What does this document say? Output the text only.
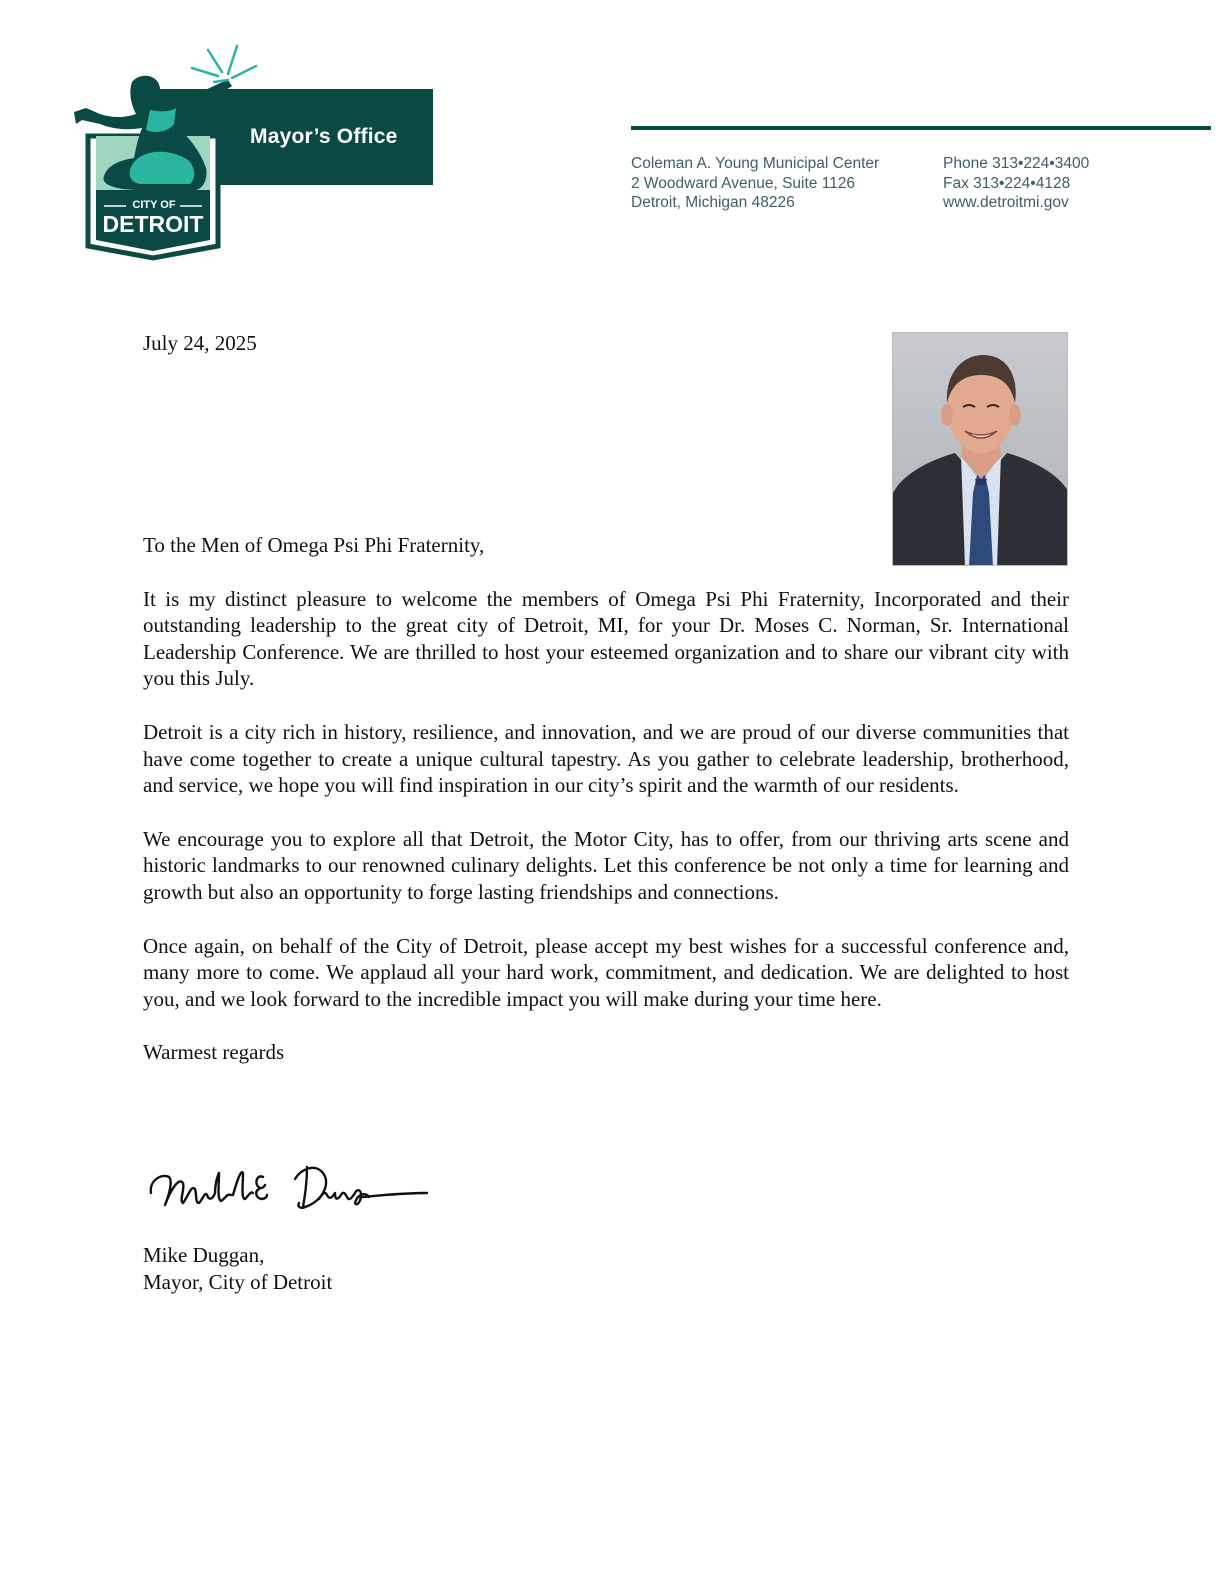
CITY OF
DETROIT
Mayor’s Office
Coleman A. Young Municipal Center
2 Woodward Avenue, Suite 1126
Detroit, Michigan 48226
Phone 313•224•3400
Fax 313•224•4128
www.detroitmi.gov
July 24, 2025

To the Men of Omega Psi Phi Fraternity,

It is my distinct pleasure to welcome the members of Omega Psi Phi Fraternity, Incorporated and their outstanding leadership to the great city of Detroit, MI, for your Dr. Moses C. Norman, Sr. International Leadership Conference. We are thrilled to host your esteemed organization and to share our vibrant city with you this July.

Detroit is a city rich in history, resilience, and innovation, and we are proud of our diverse communities that have come together to create a unique cultural tapestry. As you gather to celebrate leadership, brotherhood, and service, we hope you will find inspiration in our city’s spirit and the warmth of our residents.

We encourage you to explore all that Detroit, the Motor City, has to offer, from our thriving arts scene and historic landmarks to our renowned culinary delights. Let this conference be not only a time for learning and growth but also an opportunity to forge lasting friendships and connections.

Once again, on behalf of the City of Detroit, please accept my best wishes for a successful conference and, many more to come. We applaud all your hard work, commitment, and dedication. We are delighted to host you, and we look forward to the incredible impact you will make during your time here.

Warmest regards

Mike Duggan,
Mayor, City of Detroit
